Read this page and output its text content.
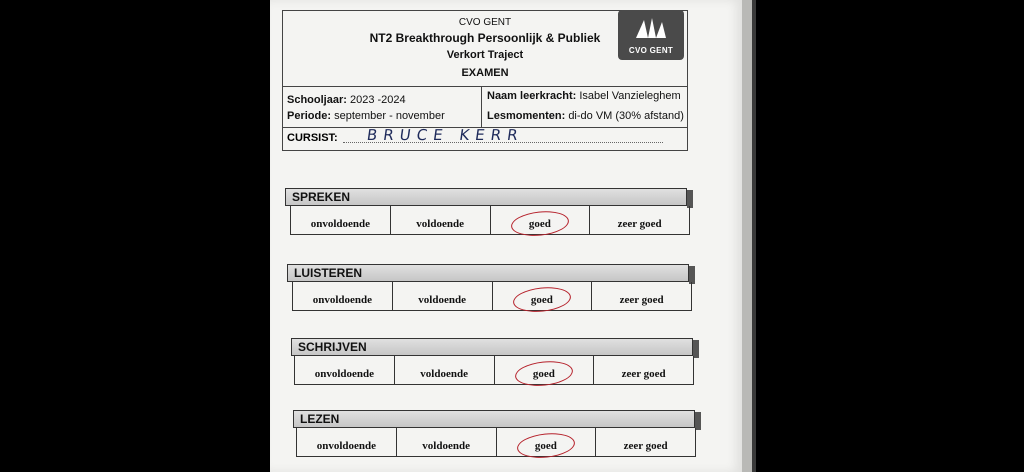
CVO GENT
NT2 Breakthrough Persoonlijk & Publiek
Verkort Traject
EXAMEN
CVO GENT
Schooljaar: 2023 -2024
Periode: september - november
Naam leerkracht: Isabel Vanzieleghem
Lesmomenten: di-do VM (30% afstand)
CURSIST: BRUCE KERR
SPREKEN
onvoldoende	voldoende	goed	zeer goed
LUISTEREN
onvoldoende	voldoende	goed	zeer goed
SCHRIJVEN
onvoldoende	voldoende	goed	zeer goed
LEZEN
onvoldoende	voldoende	goed	zeer goed
